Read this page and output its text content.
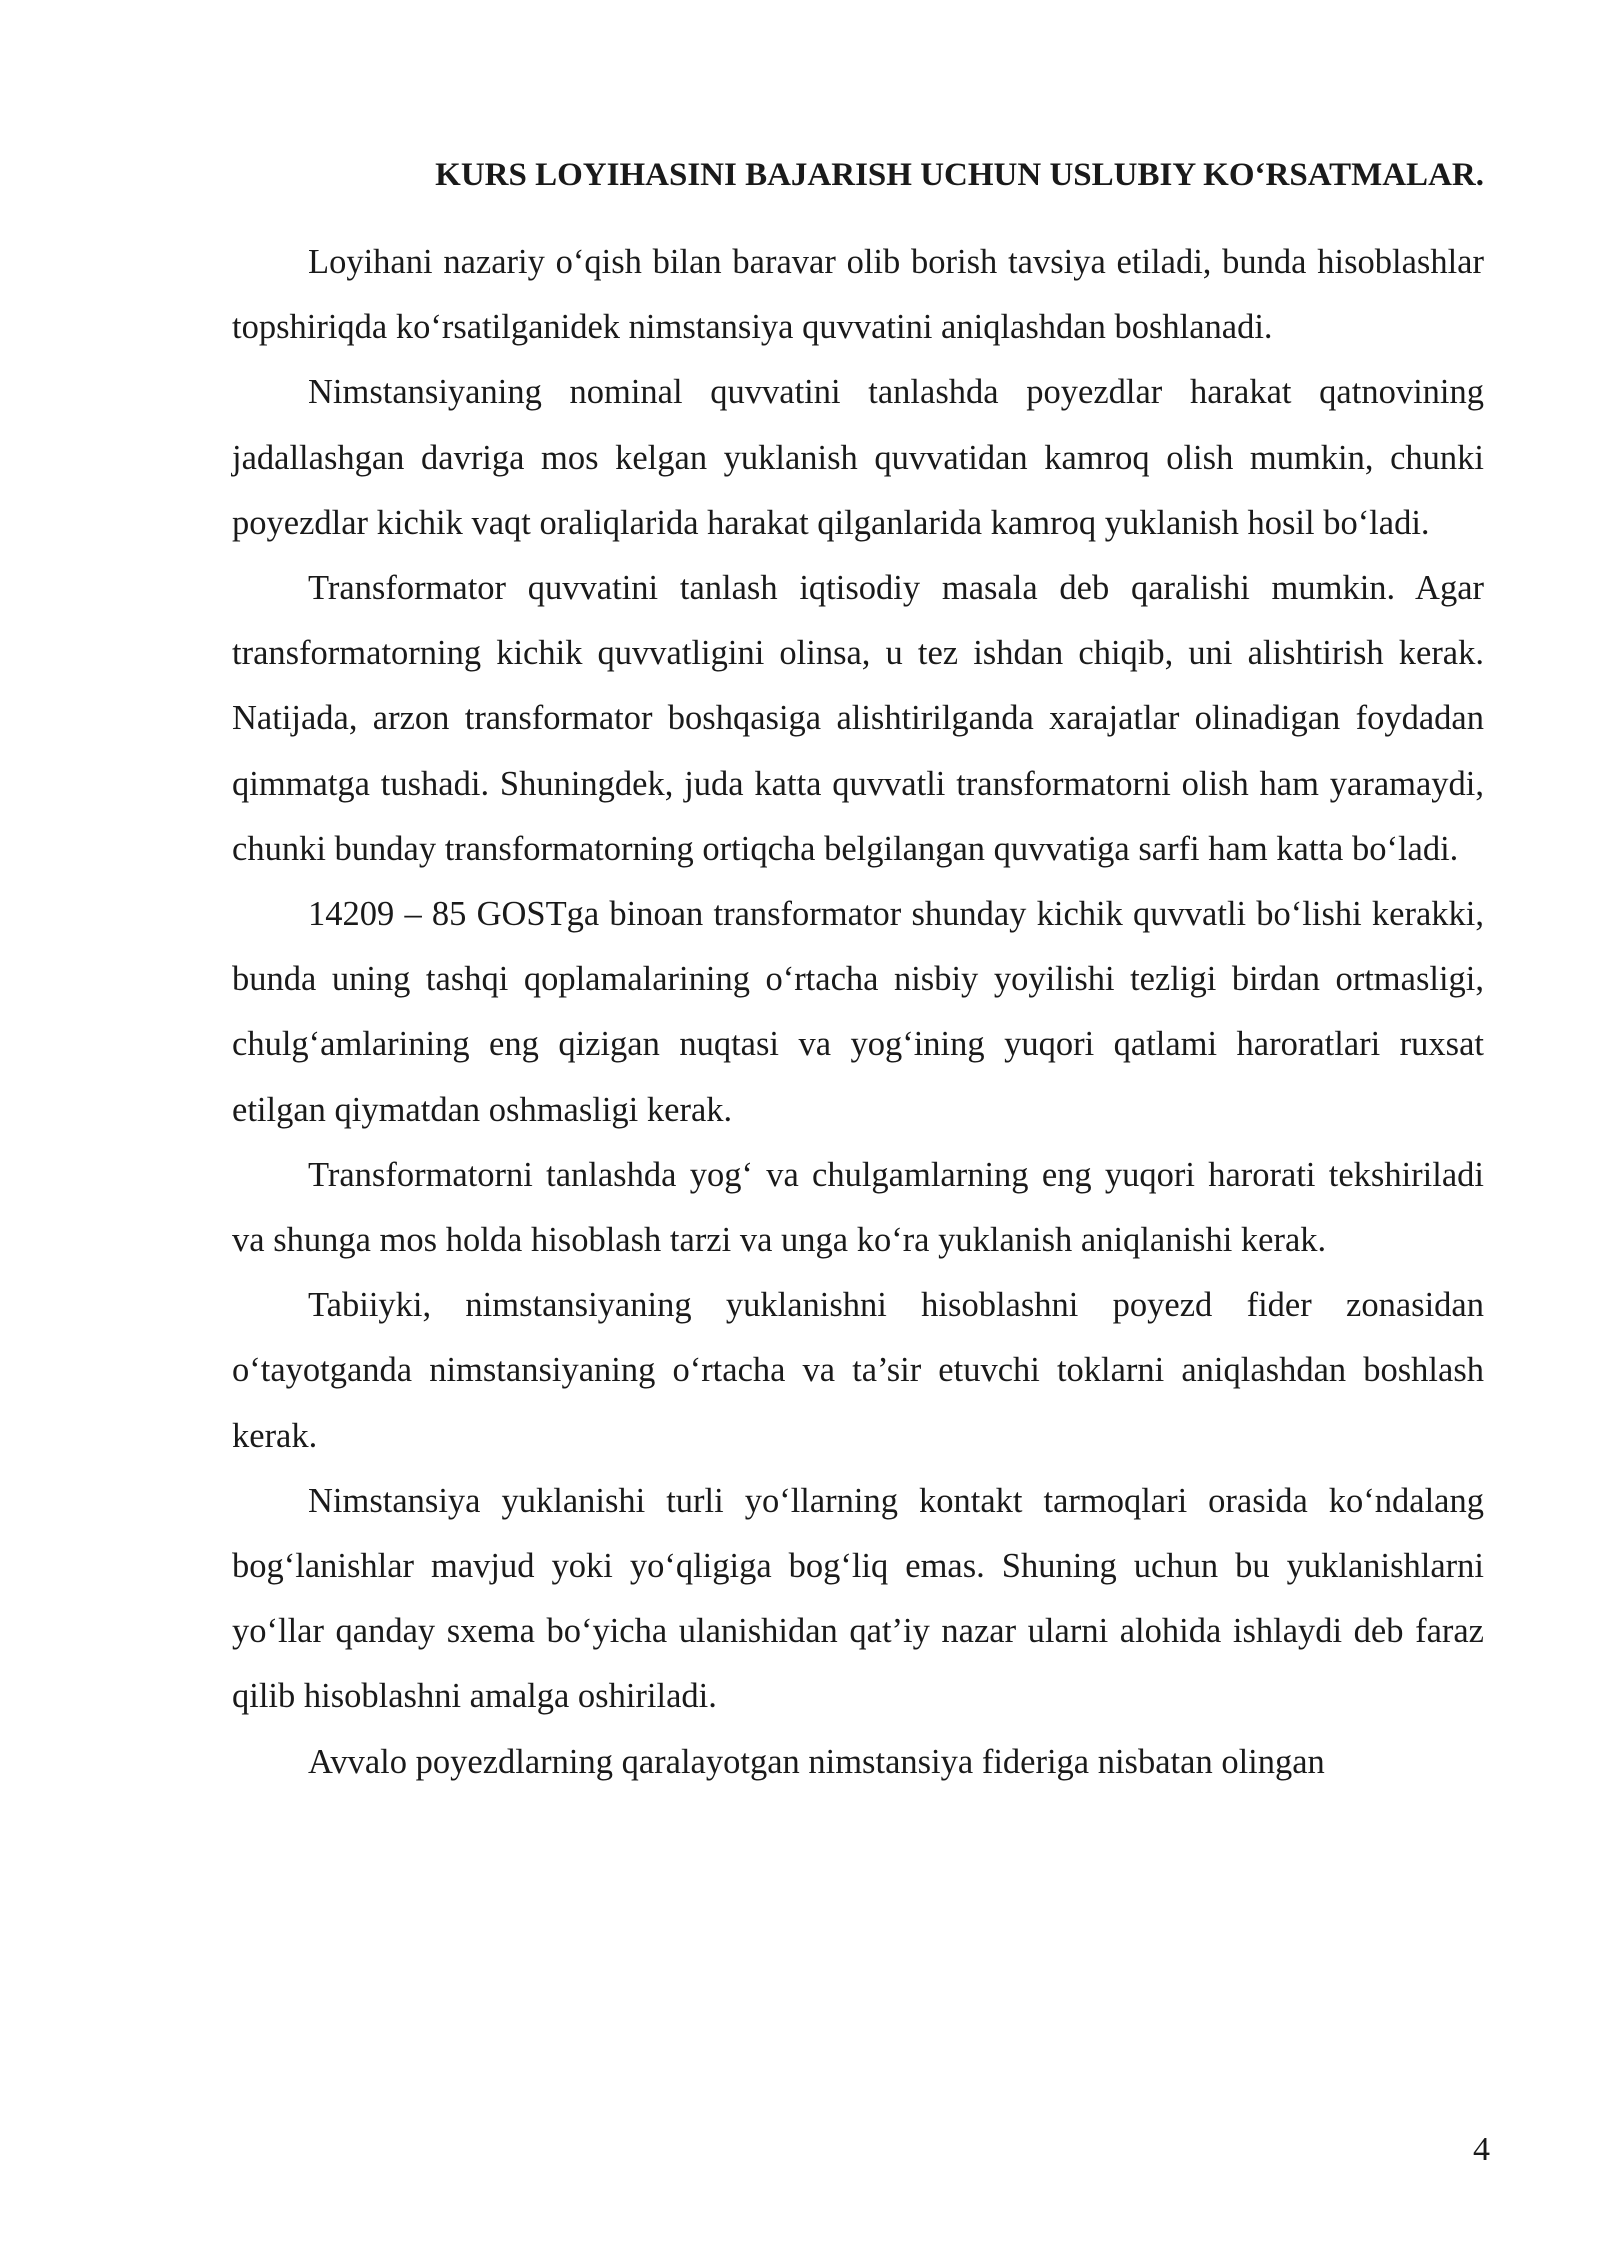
KURS LOYIHASINI BAJARISH UCHUN USLUBIY KO‘RSATMALAR.

Loyihani nazariy o‘qish bilan baravar olib borish tavsiya etiladi, bunda hisoblashlar topshiriqda ko‘rsatilganidek nimstansiya quvvatini aniqlashdan boshlanadi.

Nimstansiyaning nominal quvvatini tanlashda poyezdlar harakat qatnovining jadallashgan davriga mos kelgan yuklanish quvvatidan kamroq olish mumkin, chunki poyezdlar kichik vaqt oraliqlarida harakat qilganlarida kamroq yuklanish hosil bo‘ladi.

Transformator quvvatini tanlash iqtisodiy masala deb qaralishi mumkin. Agar transformatorning kichik quvvatligini olinsa, u tez ishdan chiqib, uni alishtirish kerak. Natijada, arzon transformator boshqasiga alishtirilganda xarajatlar olinadigan foydadan qimmatga tushadi. Shuningdek, juda katta quvvatli transformatorni olish ham yaramaydi, chunki bunday transformatorning ortiqcha belgilangan quvvatiga sarfi ham katta bo‘ladi.

14209 – 85 GOSTga binoan transformator shunday kichik quvvatli bo‘lishi kerakki, bunda uning tashqi qoplamalarining o‘rtacha nisbiy yoyilishi tezligi birdan ortmasligi, chulg‘amlarining eng qizigan nuqtasi va yog‘ining yuqori qatlami haroratlari ruxsat etilgan qiymatdan oshmasligi kerak.

Transformatorni tanlashda yog‘ va chulgamlarning eng yuqori harorati tekshiriladi va shunga mos holda hisoblash tarzi va unga ko‘ra yuklanish aniqlanishi kerak.

Tabiiyki, nimstansiyaning yuklanishni hisoblashni poyezd fider zonasidan o‘tayotganda nimstansiyaning o‘rtacha va ta’sir etuvchi toklarni aniqlashdan boshlash kerak.

Nimstansiya yuklanishi turli yo‘llarning kontakt tarmoqlari orasida ko‘ndalang bog‘lanishlar mavjud yoki yo‘qligiga bog‘liq emas. Shuning uchun bu yuklanishlarni yo‘llar qanday sxema bo‘yicha ulanishidan qat’iy nazar ularni alohida ishlaydi deb faraz qilib hisoblashni amalga oshiriladi.

Avvalo poyezdlarning qaralayotgan nimstansiya fideriga nisbatan olingan

4
